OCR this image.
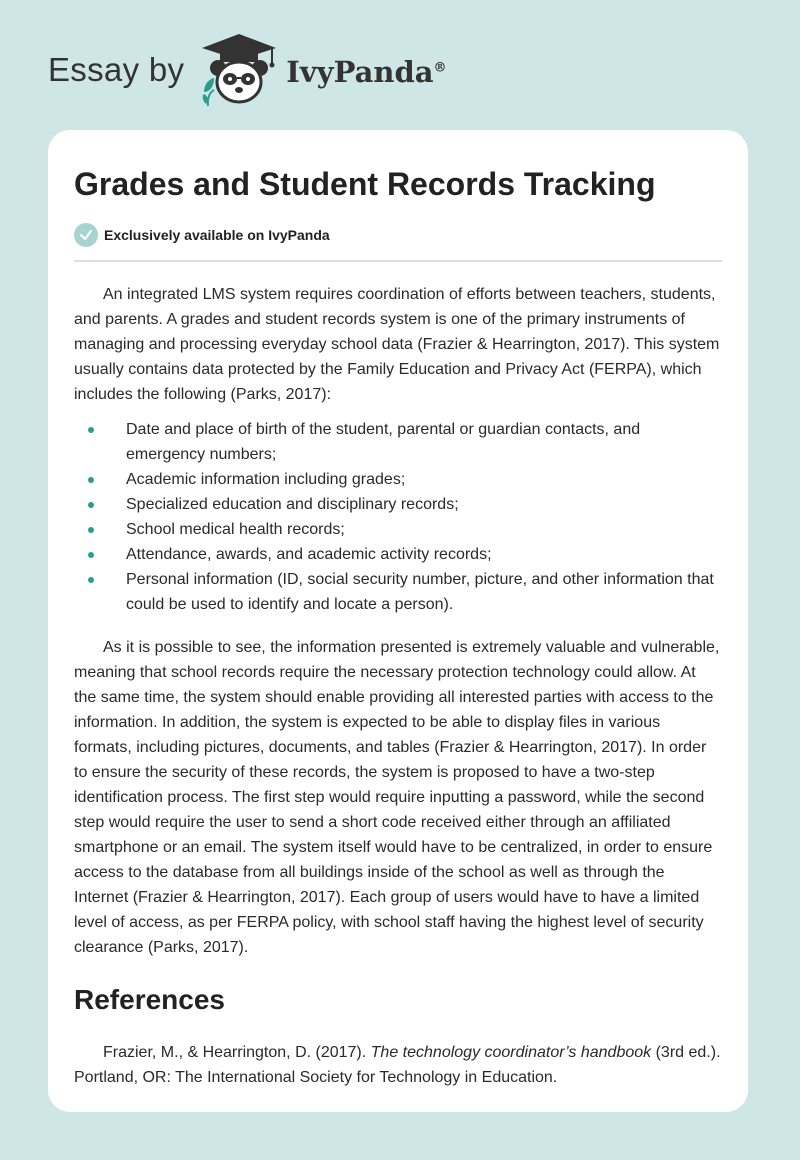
Essay by	IvyPanda®
Grades and Student Records Tracking
Exclusively available on IvyPanda

An integrated LMS system requires coordination of efforts between teachers, students, and parents. A grades and student records system is one of the primary instruments of managing and processing everyday school data (Frazier & Hearrington, 2017). This system usually contains data protected by the Family Education and Privacy Act (FERPA), which includes the following (Parks, 2017):

Date and place of birth of the student, parental or guardian contacts, and emergency numbers;
Academic information including grades;
Specialized education and disciplinary records;
School medical health records;
Attendance, awards, and academic activity records;
Personal information (ID, social security number, picture, and other information that could be used to identify and locate a person).

As it is possible to see, the information presented is extremely valuable and vulnerable, meaning that school records require the necessary protection technology could allow. At the same time, the system should enable providing all interested parties with access to the information. In addition, the system is expected to be able to display files in various formats, including pictures, documents, and tables (Frazier & Hearrington, 2017). In order to ensure the security of these records, the system is proposed to have a two-step identification process. The first step would require inputting a password, while the second step would require the user to send a short code received either through an affiliated smartphone or an email. The system itself would have to be centralized, in order to ensure access to the database from all buildings inside of the school as well as through the Internet (Frazier & Hearrington, 2017). Each group of users would have to have a limited level of access, as per FERPA policy, with school staff having the highest level of security clearance (Parks, 2017).

References

Frazier, M., & Hearrington, D. (2017). The technology coordinator’s handbook (3rd ed.). Portland, OR: The International Society for Technology in Education.
